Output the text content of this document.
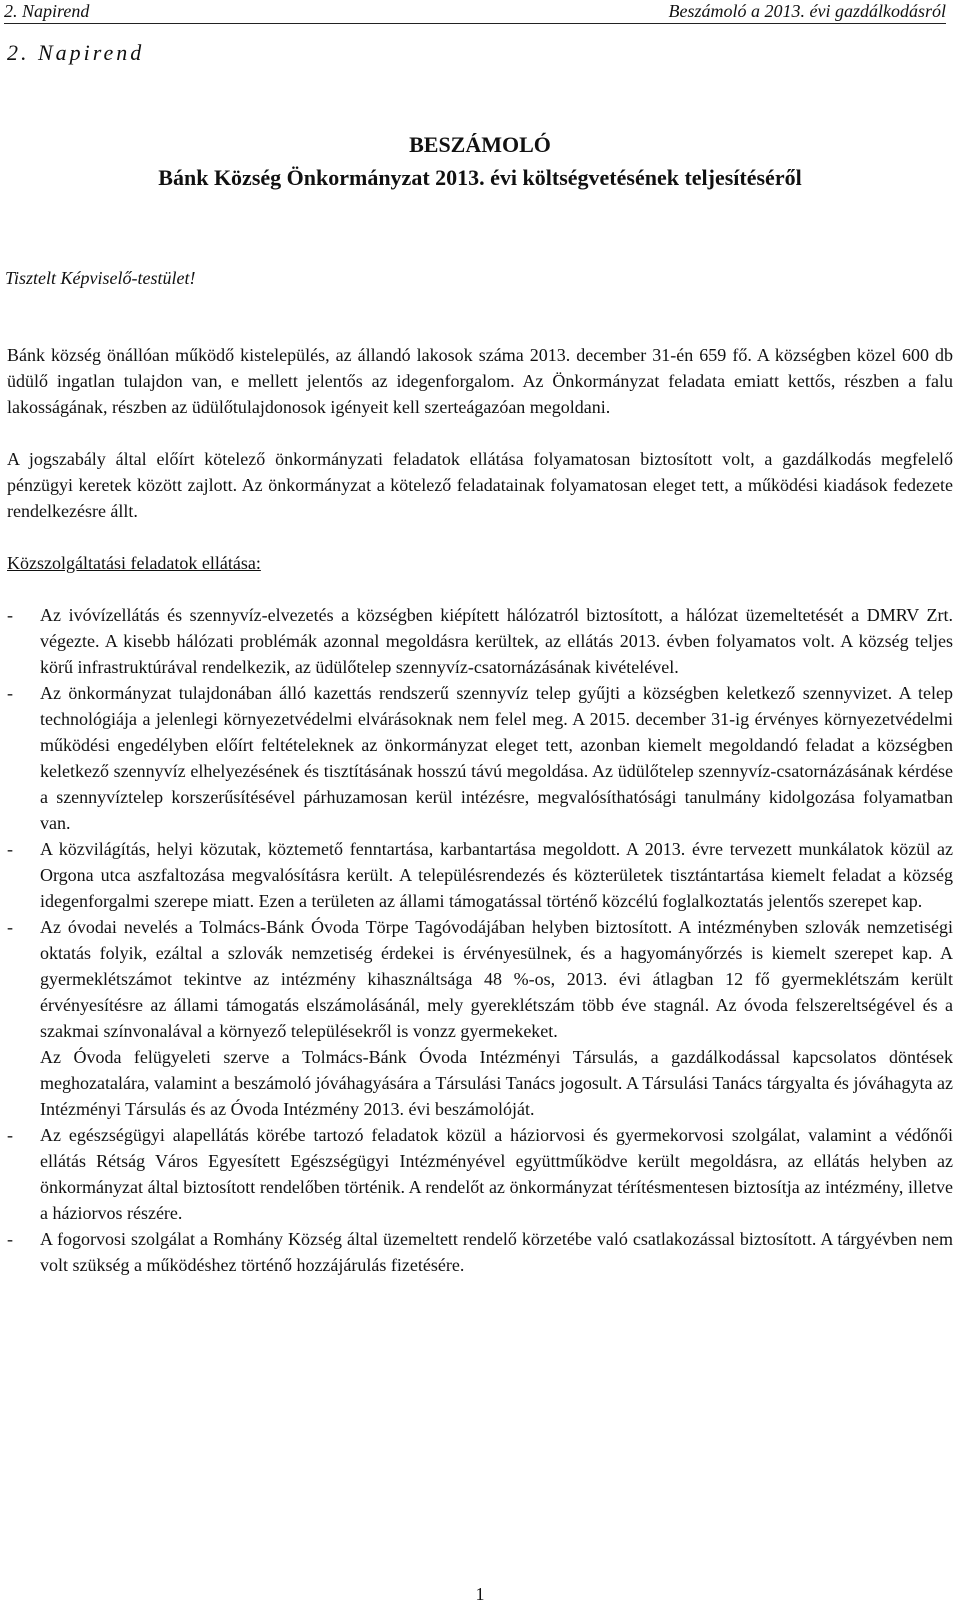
2. Napirend	Beszámoló a 2013. évi gazdálkodásról
2. Napirend
BESZÁMOLÓ
Bánk Község Önkormányzat 2013. évi költségvetésének teljesítéséről
Tisztelt Képviselő-testület!

Bánk község önállóan működő kistelepülés, az állandó lakosok száma 2013. december 31-én 659 fő. A községben közel 600 db üdülő ingatlan tulajdon van, e mellett jelentős az idegenforgalom. Az Önkormányzat feladata emiatt kettős, részben a falu lakosságának, részben az üdülőtulajdonosok igényeit kell szerteágazóan megoldani.

A jogszabály által előírt kötelező önkormányzati feladatok ellátása folyamatosan biztosított volt, a gazdálkodás megfelelő pénzügyi keretek között zajlott. Az önkormányzat a kötelező feladatainak folyamatosan eleget tett, a működési kiadások fedezete rendelkezésre állt.

Közszolgáltatási feladatok ellátása:
- Az ivóvízellátás és szennyvíz-elvezetés a községben kiépített hálózatról biztosított, a hálózat üzemeltetését a DMRV Zrt. végezte. A kisebb hálózati problémák azonnal megoldásra kerültek, az ellátás 2013. évben folyamatos volt. A község teljes körű infrastruktúrával rendelkezik, az üdülőtelep szennyvíz-csatornázásának kivételével.
- Az önkormányzat tulajdonában álló kazettás rendszerű szennyvíz telep gyűjti a községben keletkező szennyvizet. A telep technológiája a jelenlegi környezetvédelmi elvárásoknak nem felel meg. A 2015. december 31-ig érvényes környezetvédelmi működési engedélyben előírt feltételeknek az önkormányzat eleget tett, azonban kiemelt megoldandó feladat a községben keletkező szennyvíz elhelyezésének és tisztításának hosszú távú megoldása. Az üdülőtelep szennyvíz-csatornázásának kérdése a szennyvíztelep korszerűsítésével párhuzamosan kerül intézésre, megvalósíthatósági tanulmány kidolgozása folyamatban van.
- A közvilágítás, helyi közutak, köztemető fenntartása, karbantartása megoldott. A 2013. évre tervezett munkálatok közül az Orgona utca aszfaltozása megvalósításra került. A településrendezés és közterületek tisztántartása kiemelt feladat a község idegenforgalmi szerepe miatt. Ezen a területen az állami támogatással történő közcélú foglalkoztatás jelentős szerepet kap.
- Az óvodai nevelés a Tolmács-Bánk Óvoda Törpe Tagóvodájában helyben biztosított. A intézményben szlovák nemzetiségi oktatás folyik, ezáltal a szlovák nemzetiség érdekei is érvényesülnek, és a hagyományőrzés is kiemelt szerepet kap. A gyermeklétszámot tekintve az intézmény kihasználtsága 48 %-os, 2013. évi átlagban 12 fő gyermeklétszám került érvényesítésre az állami támogatás elszámolásánál, mely gyereklétszám több éve stagnál. Az óvoda felszereltségével és a szakmai színvonalával a környező településekről is vonzz gyermekeket.
Az Óvoda felügyeleti szerve a Tolmács-Bánk Óvoda Intézményi Társulás, a gazdálkodással kapcsolatos döntések meghozatalára, valamint a beszámoló jóváhagyására a Társulási Tanács jogosult. A Társulási Tanács tárgyalta és jóváhagyta az Intézményi Társulás és az Óvoda Intézmény 2013. évi beszámolóját.
- Az egészségügyi alapellátás körébe tartozó feladatok közül a háziorvosi és gyermekorvosi szolgálat, valamint a védőnői ellátás Rétság Város Egyesített Egészségügyi Intézményével együttműködve került megoldásra, az ellátás helyben az önkormányzat által biztosított rendelőben történik. A rendelőt az önkormányzat térítésmentesen biztosítja az intézmény, illetve a háziorvos részére.
- A fogorvosi szolgálat a Romhány Község által üzemeltett rendelő körzetébe való csatlakozással biztosított. A tárgyévben nem volt szükség a működéshez történő hozzájárulás fizetésére.
1
